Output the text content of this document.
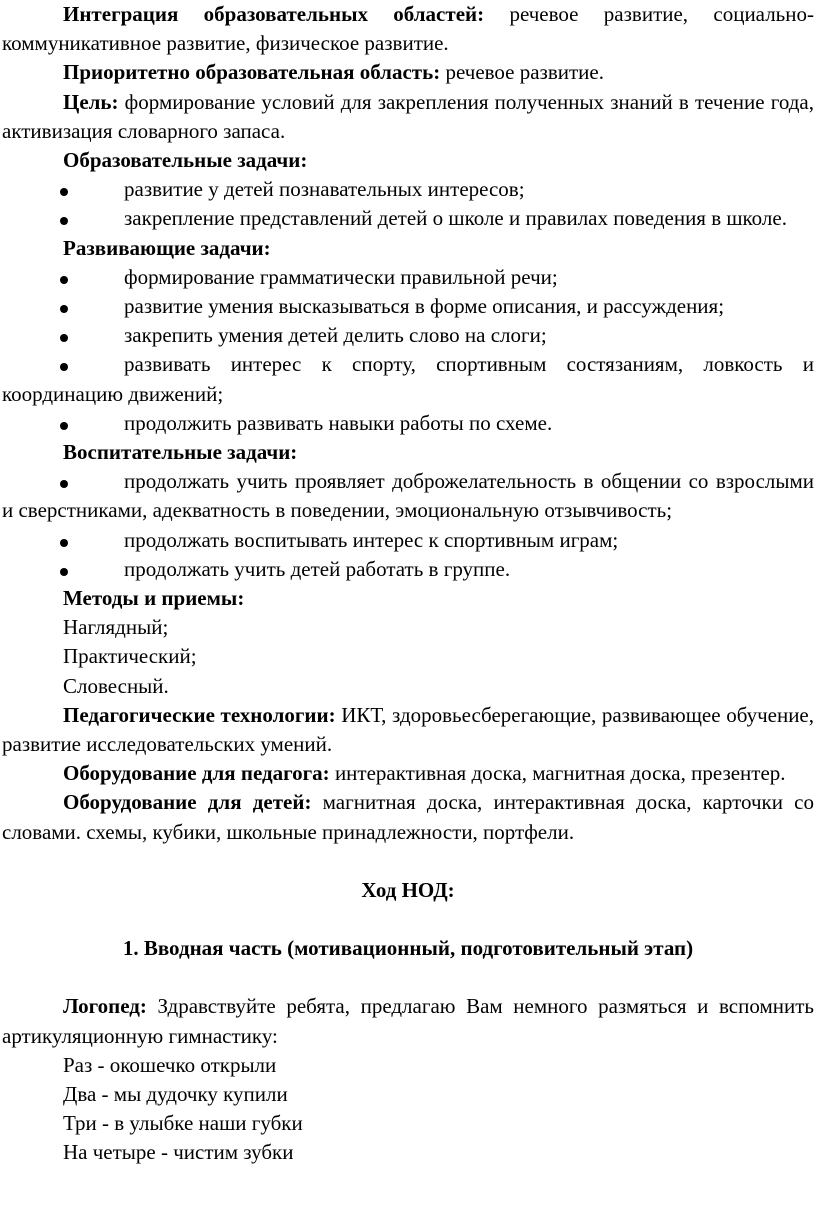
Интеграция образовательных областей: речевое развитие, социально-коммуникативное развитие, физическое развитие.

Приоритетно образовательная область: речевое развитие.

Цель: формирование условий для закрепления полученных знаний в течение года, активизация словарного запаса.

Образовательные задачи:

развитие у детей познавательных интересов;

закрепление представлений детей о школе и правилах поведения в школе.

Развивающие задачи:

формирование грамматически правильной речи;

развитие умения высказываться в форме описания, и рассуждения;

закрепить умения детей делить слово на слоги;

развивать интерес к спорту, спортивным состязаниям, ловкость и координацию движений;

продолжить развивать навыки работы по схеме.

Воспитательные задачи:

продолжать учить проявляет доброжелательность в общении со взрослыми и сверстниками, адекватность в поведении, эмоциональную отзывчивость;

продолжать воспитывать интерес к спортивным играм;

продолжать учить детей работать в группе.

Методы и приемы:

Наглядный;

Практический;

Словесный.

Педагогические технологии: ИКТ, здоровьесберегающие, развивающее обучение, развитие исследовательских умений.

Оборудование для педагога: интерактивная доска, магнитная доска, презентер.

Оборудование для детей: магнитная доска, интерактивная доска, карточки со словами. схемы, кубики, школьные принадлежности, портфели.

Ход НОД:

1. Вводная часть (мотивационный, подготовительный этап)

Логопед: Здравствуйте ребята, предлагаю Вам немного размяться и вспомнить артикуляционную гимнастику:

Раз - окошечко открыли

Два - мы дудочку купили

Три - в улыбке наши губки

На четыре - чистим зубки
